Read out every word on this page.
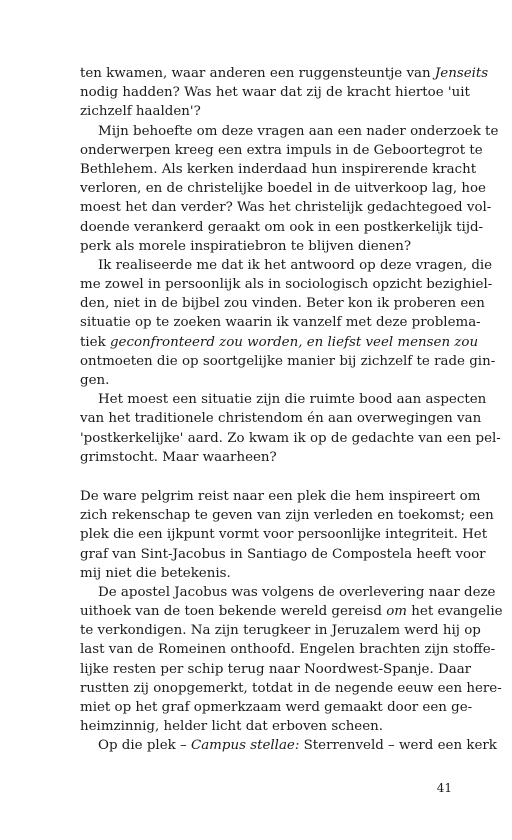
ten kwamen, waar anderen een ruggensteuntje van Jenseits
nodig hadden? Was het waar dat zij de kracht hiertoe 'uit
zichzelf haalden'?

Mijn behoefte om deze vragen aan een nader onderzoek te
onderwerpen kreeg een extra impuls in de Geboortegrot te
Bethlehem. Als kerken inderdaad hun inspirerende kracht
verloren, en de christelijke boedel in de uitverkoop lag, hoe
moest het dan verder? Was het christelijk gedachtegoed vol-
doende verankerd geraakt om ook in een postkerkelijk tijd-
perk als morele inspiratiebron te blijven dienen?

Ik realiseerde me dat ik het antwoord op deze vragen, die
me zowel in persoonlijk als in sociologisch opzicht bezighiel-
den, niet in de bijbel zou vinden. Beter kon ik proberen een
situatie op te zoeken waarin ik vanzelf met deze problema-
tiek geconfronteerd zou worden, en liefst veel mensen zou
ontmoeten die op soortgelijke manier bij zichzelf te rade gin-
gen.

Het moest een situatie zijn die ruimte bood aan aspecten
van het traditionele christendom én aan overwegingen van
'postkerkelijke' aard. Zo kwam ik op de gedachte van een pel-
grimstocht. Maar waarheen?

De ware pelgrim reist naar een plek die hem inspireert om
zich rekenschap te geven van zijn verleden en toekomst; een
plek die een ijkpunt vormt voor persoonlijke integriteit. Het
graf van Sint-Jacobus in Santiago de Compostela heeft voor
mij niet die betekenis.

De apostel Jacobus was volgens de overlevering naar deze
uithoek van de toen bekende wereld gereisd om het evangelie
te verkondigen. Na zijn terugkeer in Jeruzalem werd hij op
last van de Romeinen onthoofd. Engelen brachten zijn stoffe-
lijke resten per schip terug naar Noordwest-Spanje. Daar
rustten zij onopgemerkt, totdat in de negende eeuw een here-
miet op het graf opmerkzaam werd gemaakt door een ge-
heimzinnig, helder licht dat erboven scheen.

Op die plek – Campus stellae: Sterrenveld – werd een kerk

41
